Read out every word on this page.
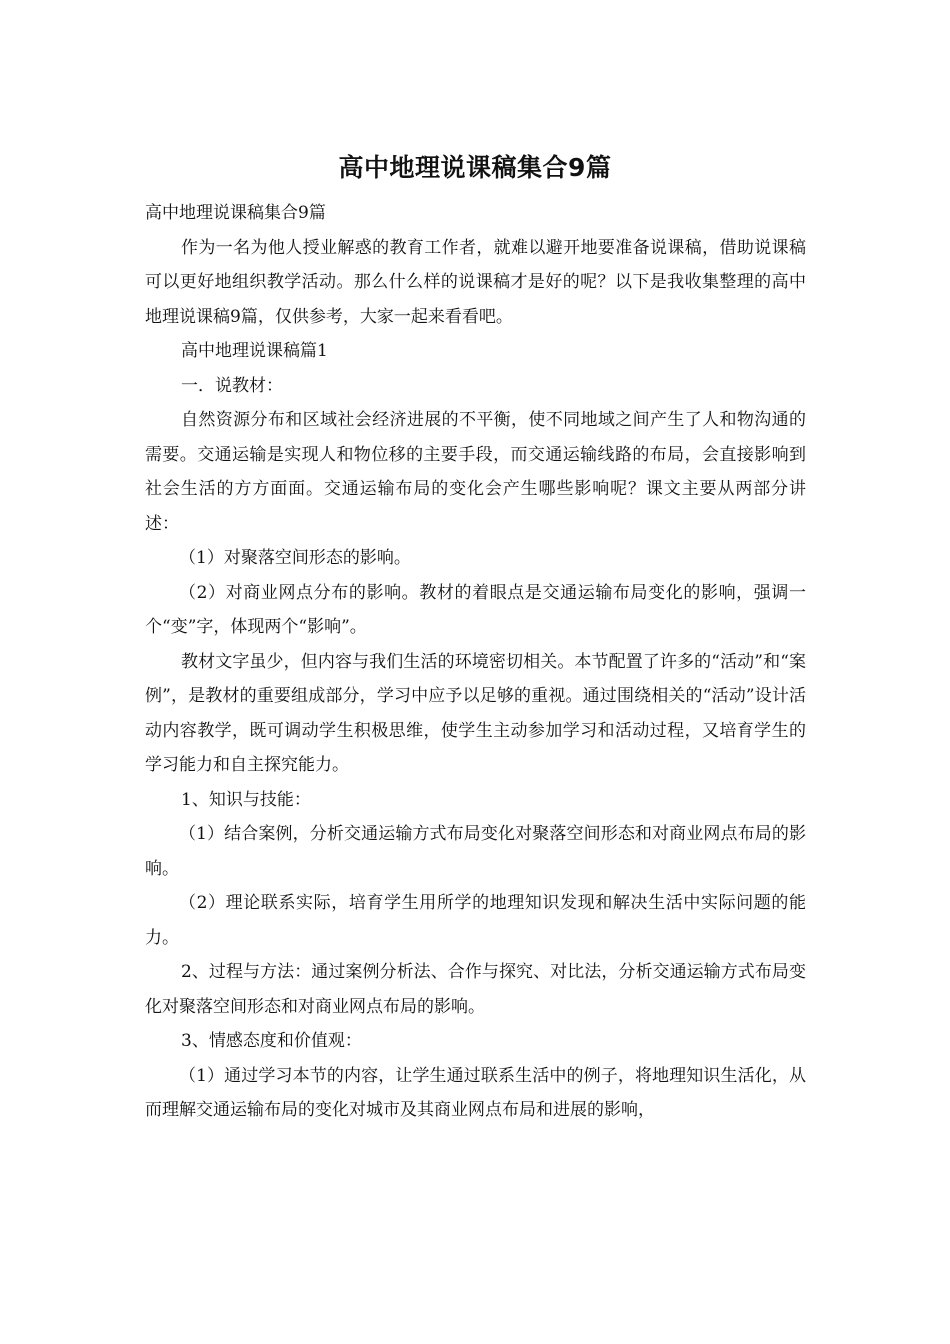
高中地理说课稿集合9篇

高中地理说课稿集合9篇

作为一名为他人授业解惑的教育工作者，就难以避开地要准备说课稿，借助说课稿可以更好地组织教学活动。那么什么样的说课稿才是好的呢？以下是我收集整理的高中地理说课稿9篇，仅供参考，大家一起来看看吧。

高中地理说课稿篇1

一．说教材：

自然资源分布和区域社会经济进展的不平衡，使不同地域之间产生了人和物沟通的需要。交通运输是实现人和物位移的主要手段，而交通运输线路的布局，会直接影响到社会生活的方方面面。交通运输布局的变化会产生哪些影响呢？课文主要从两部分讲述：

（1）对聚落空间形态的影响。

（2）对商业网点分布的影响。教材的着眼点是交通运输布局变化的影响，强调一个“变”字，体现两个“影响”。

教材文字虽少，但内容与我们生活的环境密切相关。本节配置了许多的“活动”和“案例”，是教材的重要组成部分，学习中应予以足够的重视。通过围绕相关的“活动”设计活动内容教学，既可调动学生积极思维，使学生主动参加学习和活动过程，又培育学生的学习能力和自主探究能力。

1、知识与技能：

（1）结合案例，分析交通运输方式布局变化对聚落空间形态和对商业网点布局的影响。

（2）理论联系实际，培育学生用所学的地理知识发现和解决生活中实际问题的能力。

2、过程与方法：通过案例分析法、合作与探究、对比法，分析交通运输方式布局变化对聚落空间形态和对商业网点布局的影响。

3、情感态度和价值观：

（1）通过学习本节的内容，让学生通过联系生活中的例子，将地理知识生活化，从而理解交通运输布局的变化对城市及其商业网点布局和进展的影响，
